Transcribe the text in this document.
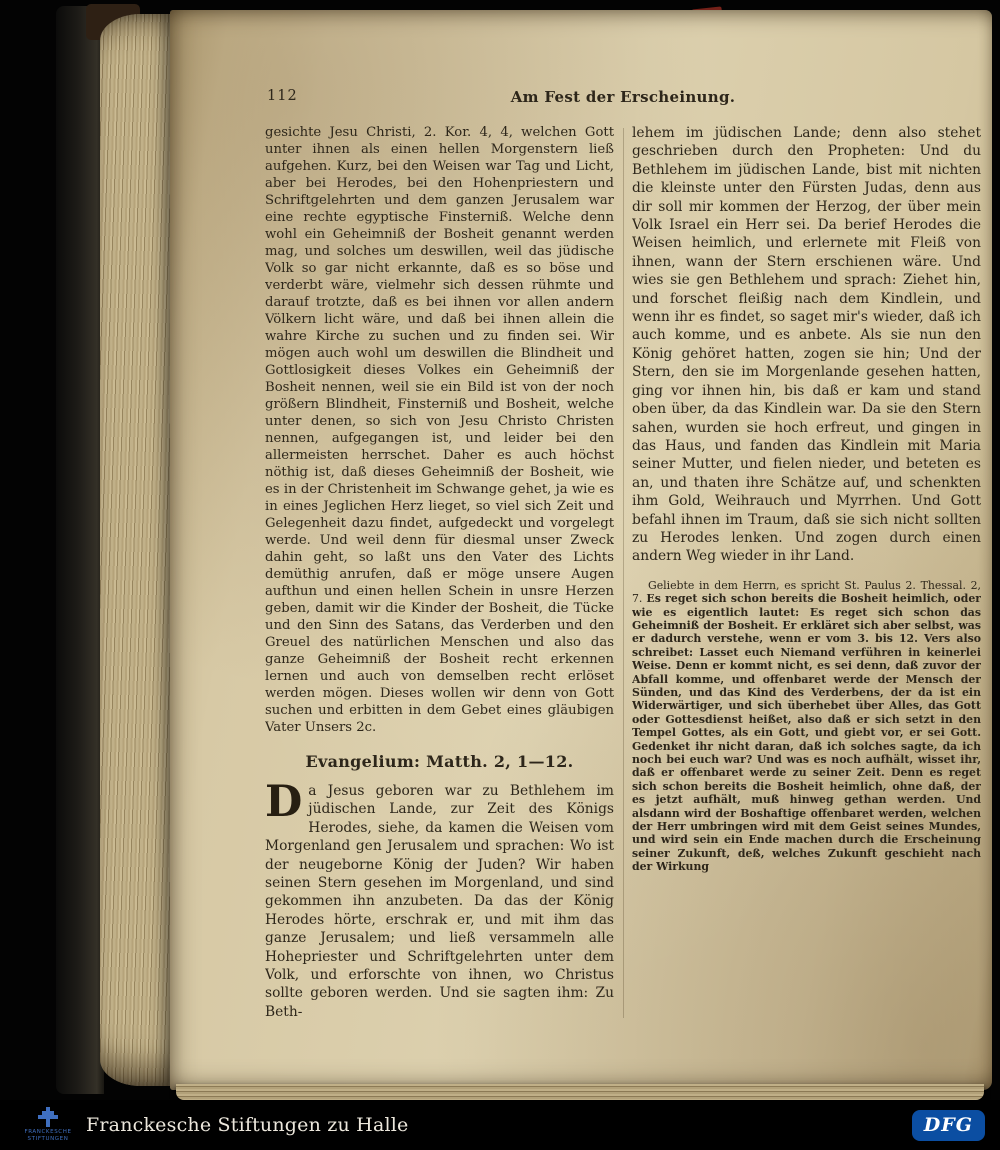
112	Am Fest der Erscheinung.

gesichte Jesu Christi, 2. Kor. 4, 4, welchen Gott unter ihnen als einen hellen Morgenstern ließ aufgehen. Kurz, bei den Weisen war Tag und Licht, aber bei Herodes, bei den Hohenpriestern und Schriftgelehrten und dem ganzen Jerusalem war eine rechte egyptische Finsterniß. Welche denn wohl ein Geheimniß der Bosheit genannt werden mag, und solches um deswillen, weil das jüdische Volk so gar nicht erkannte, daß es so böse und verderbt wäre, vielmehr sich dessen rühmte und darauf trotzte, daß es bei ihnen vor allen andern Völkern licht wäre, und daß bei ihnen allein die wahre Kirche zu suchen und zu finden sei. Wir mögen auch wohl um deswillen die Blindheit und Gottlosigkeit dieses Volkes ein Geheimniß der Bosheit nennen, weil sie ein Bild ist von der noch größern Blindheit, Finsterniß und Bosheit, welche unter denen, so sich von Jesu Christo Christen nennen, aufgegangen ist, und leider bei den allermeisten herrschet. Daher es auch höchst nöthig ist, daß dieses Geheimniß der Bosheit, wie es in der Christenheit im Schwange gehet, ja wie es in eines Jeglichen Herz lieget, so viel sich Zeit und Gelegenheit dazu findet, aufgedeckt und vorgelegt werde. Und weil denn für diesmal unser Zweck dahin geht, so laßt uns den Vater des Lichts demüthig anrufen, daß er möge unsere Augen aufthun und einen hellen Schein in unsre Herzen geben, damit wir die Kinder der Bosheit, die Tücke und den Sinn des Satans, das Verderben und den Greuel des natürlichen Menschen und also das ganze Geheimniß der Bosheit recht erkennen lernen und auch von demselben recht erlöset werden mögen. Dieses wollen wir denn von Gott suchen und erbitten in dem Gebet eines gläubigen Vater Unsers 2c.

Evangelium: Matth. 2, 1—12.

Da Jesus geboren war zu Bethlehem im jüdischen Lande, zur Zeit des Königs Herodes, siehe, da kamen die Weisen vom Morgenland gen Jerusalem und sprachen: Wo ist der neugeborne König der Juden? Wir haben seinen Stern gesehen im Morgenland, und sind gekommen ihn anzubeten. Da das der König Herodes hörte, erschrak er, und mit ihm das ganze Jerusalem; und ließ versammeln alle Hohepriester und Schriftgelehrten unter dem Volk, und erforschte von ihnen, wo Christus sollte geboren werden. Und sie sagten ihm: Zu Beth-

lehem im jüdischen Lande; denn also stehet geschrieben durch den Propheten: Und du Bethlehem im jüdischen Lande, bist mit nichten die kleinste unter den Fürsten Judas, denn aus dir soll mir kommen der Herzog, der über mein Volk Israel ein Herr sei. Da berief Herodes die Weisen heimlich, und erlernete mit Fleiß von ihnen, wann der Stern erschienen wäre. Und wies sie gen Bethlehem und sprach: Ziehet hin, und forschet fleißig nach dem Kindlein, und wenn ihr es findet, so saget mir's wieder, daß ich auch komme, und es anbete. Als sie nun den König gehöret hatten, zogen sie hin; Und der Stern, den sie im Morgenlande gesehen hatten, ging vor ihnen hin, bis daß er kam und stand oben über, da das Kindlein war. Da sie den Stern sahen, wurden sie hoch erfreut, und gingen in das Haus, und fanden das Kindlein mit Maria seiner Mutter, und fielen nieder, und beteten es an, und thaten ihre Schätze auf, und schenkten ihm Gold, Weihrauch und Myrrhen. Und Gott befahl ihnen im Traum, daß sie sich nicht sollten zu Herodes lenken. Und zogen durch einen andern Weg wieder in ihr Land.

Geliebte in dem Herrn, es spricht St. Paulus 2. Thessal. 2, 7. Es reget sich schon bereits die Bosheit heimlich, oder wie es eigentlich lautet: Es reget sich schon das Geheimniß der Bosheit. Er erkläret sich aber selbst, was er dadurch verstehe, wenn er vom 3. bis 12. Vers also schreibet: Lasset euch Niemand verführen in keinerlei Weise. Denn er kommt nicht, es sei denn, daß zuvor der Abfall komme, und offenbaret werde der Mensch der Sünden, und das Kind des Verderbens, der da ist ein Widerwärtiger, und sich überhebet über Alles, das Gott oder Gottesdienst heißet, also daß er sich setzt in den Tempel Gottes, als ein Gott, und giebt vor, er sei Gott. Gedenket ihr nicht daran, daß ich solches sagte, da ich noch bei euch war? Und was es noch aufhält, wisset ihr, daß er offenbaret werde zu seiner Zeit. Denn es reget sich schon bereits die Bosheit heimlich, ohne daß, der es jetzt aufhält, muß hinweg gethan werden. Und alsdann wird der Boshaftige offenbaret werden, welchen der Herr umbringen wird mit dem Geist seines Mundes, und wird sein ein Ende machen durch die Erscheinung seiner Zukunft, deß, welches Zukunft geschieht nach der Wirkung

FRANCKESCHE STIFTUNGEN
Franckesche Stiftungen zu Halle	DFG
